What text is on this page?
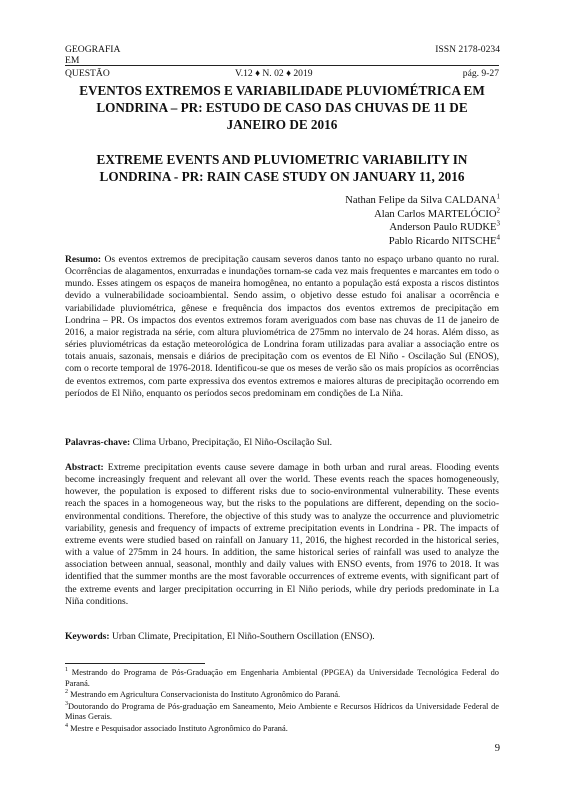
GEOGRAFIA	ISSN 2178-0234
EM
QUESTÃO	V.12 ♦ N. 02 ♦ 2019	pág. 9-27
EVENTOS EXTREMOS E VARIABILIDADE PLUVIOMÉTRICA EM LONDRINA – PR: ESTUDO DE CASO DAS CHUVAS DE 11 DE JANEIRO DE 2016
EXTREME EVENTS AND PLUVIOMETRIC VARIABILITY IN LONDRINA - PR: RAIN CASE STUDY ON JANUARY 11, 2016
Nathan Felipe da Silva CALDANA$^1$
Alan Carlos MARTELÓCIO$^2$
Anderson Paulo RUDKE$^3$
Pablo Ricardo NITSCHE$^4$
Resumo: Os eventos extremos de precipitação causam severos danos tanto no espaço urbano quanto no rural. Ocorrências de alagamentos, enxurradas e inundações tornam-se cada vez mais frequentes e marcantes em todo o mundo. Esses atingem os espaços de maneira homogênea, no entanto a população está exposta a riscos distintos devido a vulnerabilidade socioambiental. Sendo assim, o objetivo desse estudo foi analisar a ocorrência e variabilidade pluviométrica, gênese e frequência dos impactos dos eventos extremos de precipitação em Londrina – PR. Os impactos dos eventos extremos foram averiguados com base nas chuvas de 11 de janeiro de 2016, a maior registrada na série, com altura pluviométrica de 275mm no intervalo de 24 horas. Além disso, as séries pluviométricas da estação meteorológica de Londrina foram utilizadas para avaliar a associação entre os totais anuais, sazonais, mensais e diários de precipitação com os eventos de El Niño - Oscilação Sul (ENOS), com o recorte temporal de 1976-2018. Identificou-se que os meses de verão são os mais propícios as ocorrências de eventos extremos, com parte expressiva dos eventos extremos e maiores alturas de precipitação ocorrendo em períodos de El Niño, enquanto os períodos secos predominam em condições de La Niña.
Palavras-chave: Clima Urbano, Precipitação, El Niño-Oscilação Sul.
Abstract: Extreme precipitation events cause severe damage in both urban and rural areas. Flooding events become increasingly frequent and relevant all over the world. These events reach the spaces homogeneously, however, the population is exposed to different risks due to socio-environmental vulnerability. These events reach the spaces in a homogeneous way, but the risks to the populations are different, depending on the socio-environmental conditions. Therefore, the objective of this study was to analyze the occurrence and pluviometric variability, genesis and frequency of impacts of extreme precipitation events in Londrina - PR. The impacts of extreme events were studied based on rainfall on January 11, 2016, the highest recorded in the historical series, with a value of 275mm in 24 hours. In addition, the same historical series of rainfall was used to analyze the association between annual, seasonal, monthly and daily values with ENSO events, from 1976 to 2018. It was identified that the summer months are the most favorable occurrences of extreme events, with significant part of the extreme events and larger precipitation occurring in El Niño periods, while dry periods predominate in La Niña conditions.
Keywords: Urban Climate, Precipitation, El Niño-Southern Oscillation (ENSO).

$^1$ Mestrando do Programa de Pós-Graduação em Engenharia Ambiental (PPGEA) da Universidade Tecnológica Federal do Paraná.

$^2$ Mestrando em Agricultura Conservacionista do Instituto Agronômico do Paraná.

$^3$Doutorando do Programa de Pós-graduação em Saneamento, Meio Ambiente e Recursos Hídricos da Universidade Federal de Minas Gerais.

$^4$ Mestre e Pesquisador associado Instituto Agronômico do Paraná.

9
